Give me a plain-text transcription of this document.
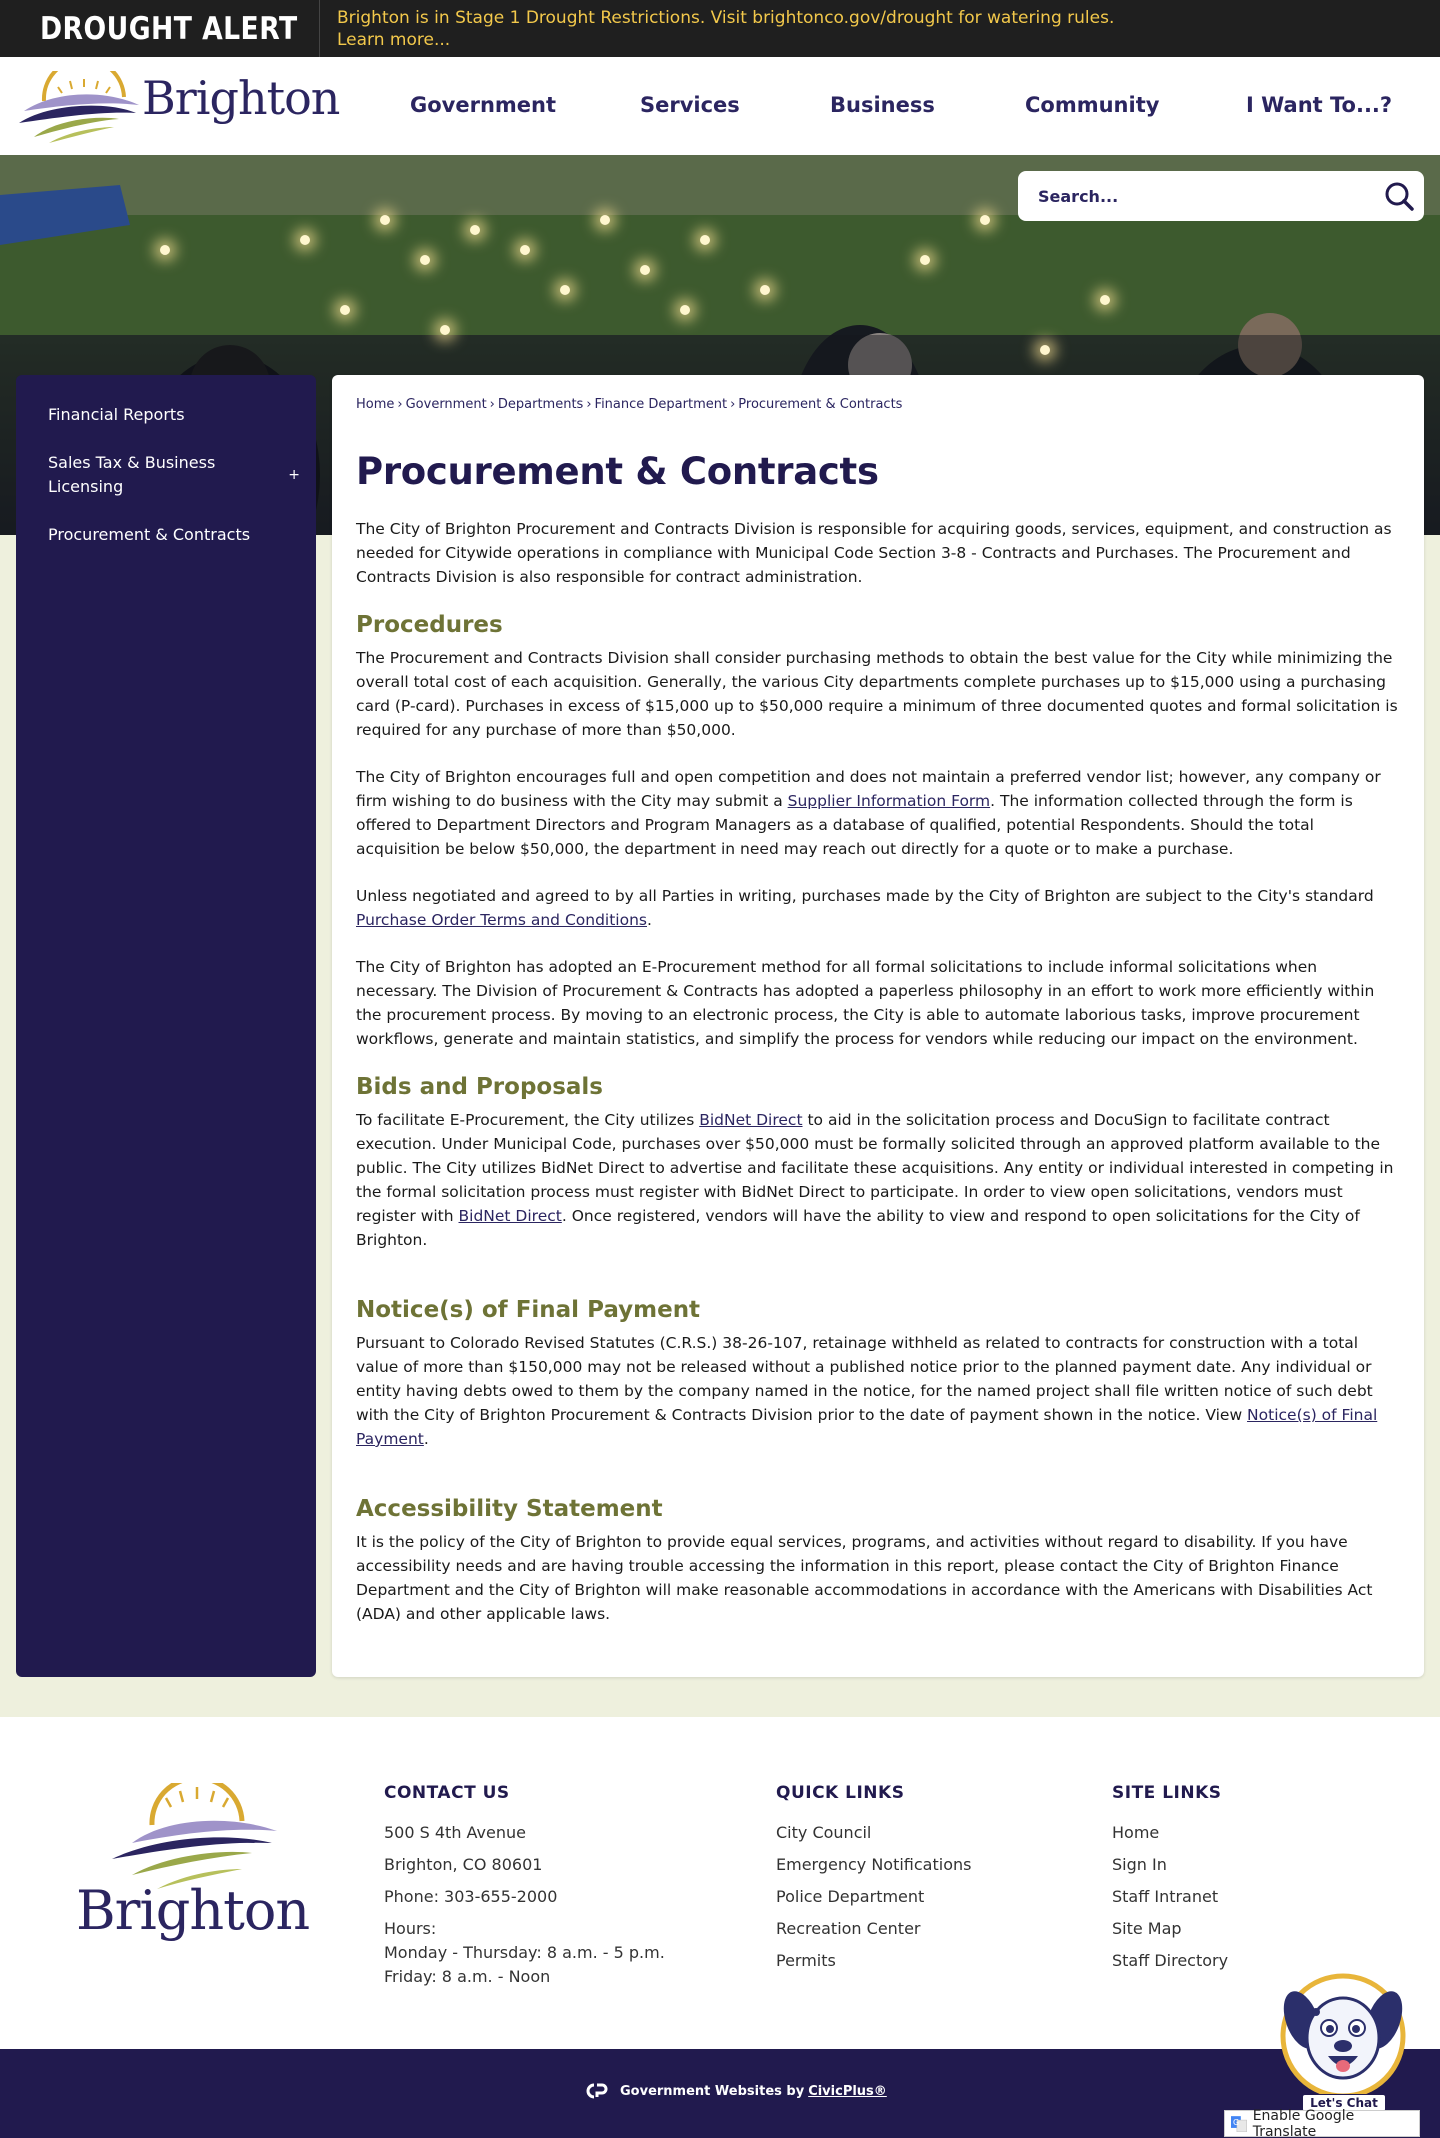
DROUGHT ALERT Brighton is in Stage 1 Drought Restrictions. Visit brightonco.gov/drought for watering rules.
Learn more...
Brighton	Government	Services	Business	Community	I Want To...?
Search...
Financial Reports
Sales Tax & Business Licensing
+
Procurement & Contracts
Home › Government › Departments › Finance Department › Procurement & Contracts
Procurement & Contracts

The City of Brighton Procurement and Contracts Division is responsible for acquiring goods, services, equipment, and construction as needed for Citywide operations in compliance with Municipal Code Section 3-8 - Contracts and Purchases. The Procurement and Contracts Division is also responsible for contract administration.

Procedures

The Procurement and Contracts Division shall consider purchasing methods to obtain the best value for the City while minimizing the overall total cost of each acquisition. Generally, the various City departments complete purchases up to $15,000 using a purchasing card (P-card). Purchases in excess of $15,000 up to $50,000 require a minimum of three documented quotes and formal solicitation is required for any purchase of more than $50,000.

The City of Brighton encourages full and open competition and does not maintain a preferred vendor list; however, any company or firm wishing to do business with the City may submit a Supplier Information Form. The information collected through the form is offered to Department Directors and Program Managers as a database of qualified, potential Respondents. Should the total acquisition be below $50,000, the department in need may reach out directly for a quote or to make a purchase.

Unless negotiated and agreed to by all Parties in writing, purchases made by the City of Brighton are subject to the City's standard Purchase Order Terms and Conditions.

The City of Brighton has adopted an E-Procurement method for all formal solicitations to include informal solicitations when necessary. The Division of Procurement & Contracts has adopted a paperless philosophy in an effort to work more efficiently within the procurement process. By moving to an electronic process, the City is able to automate laborious tasks, improve procurement workflows, generate and maintain statistics, and simplify the process for vendors while reducing our impact on the environment.

Bids and Proposals

To facilitate E-Procurement, the City utilizes BidNet Direct to aid in the solicitation process and DocuSign to facilitate contract execution. Under Municipal Code, purchases over $50,000 must be formally solicited through an approved platform available to the public. The City utilizes BidNet Direct to advertise and facilitate these acquisitions. Any entity or individual interested in competing in the formal solicitation process must register with BidNet Direct to participate. In order to view open solicitations, vendors must register with BidNet Direct. Once registered, vendors will have the ability to view and respond to open solicitations for the City of Brighton.

Notice(s) of Final Payment

Pursuant to Colorado Revised Statutes (C.R.S.) 38-26-107, retainage withheld as related to contracts for construction with a total value of more than $150,000 may not be released without a published notice prior to the planned payment date. Any individual or entity having debts owed to them by the company named in the notice, for the named project shall file written notice of such debt with the City of Brighton Procurement & Contracts Division prior to the date of payment shown in the notice. View Notice(s) of Final Payment.

Accessibility Statement

It is the policy of the City of Brighton to provide equal services, programs, and activities without regard to disability. If you have accessibility needs and are having trouble accessing the information in this report, please contact the City of Brighton Finance Department and the City of Brighton will make reasonable accommodations in accordance with the Americans with Disabilities Act (ADA) and other applicable laws.

Brighton
CONTACT US
500 S 4th Avenue
Brighton, CO 80601
Phone: 303-655-2000
Hours:
Monday - Thursday: 8 a.m. - 5 p.m.
Friday: 8 a.m. - Noon
QUICK LINKS
City Council
Emergency Notifications
Police Department
Recreation Center
Permits
SITE LINKS
Home
Sign In
Staff Intranet
Site Map
Staff Directory
Government Websites by CivicPlus®
Let's Chat
G Enable Google Translate
